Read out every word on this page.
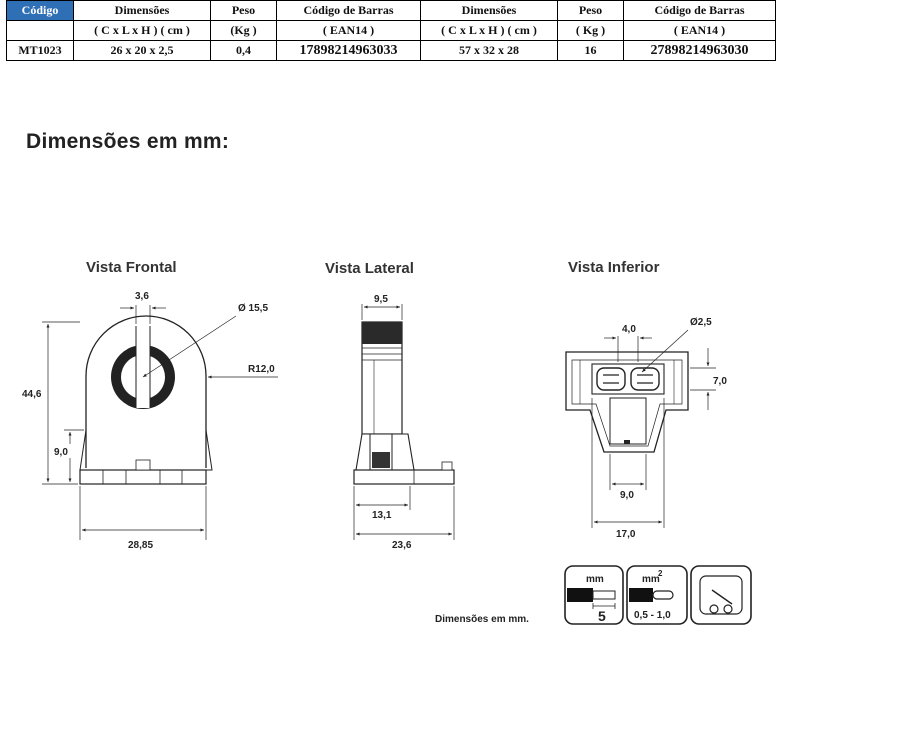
Código	Dimensões	Peso	Código de Barras	Dimensões	Peso	Código de Barras
	( C x L x H ) ( cm )	(Kg )	( EAN14 )	( C x L x H ) ( cm )	( Kg )	( EAN14 )
MT1023	26 x 20 x 2,5	0,4	17898214963033	57 x 32 x 28	16	27898214963030
Dimensões em mm:
Vista Frontal
3,6
Ø 15,5
R12,0
44,6
9,0
28,85
Vista Lateral
9,5
13,1
23,6
Vista Inferior
4,0
Ø2,5
7,0
9,0
17,0
Dimensões em mm.
mm
5
mm
2
0,5 - 1,0
